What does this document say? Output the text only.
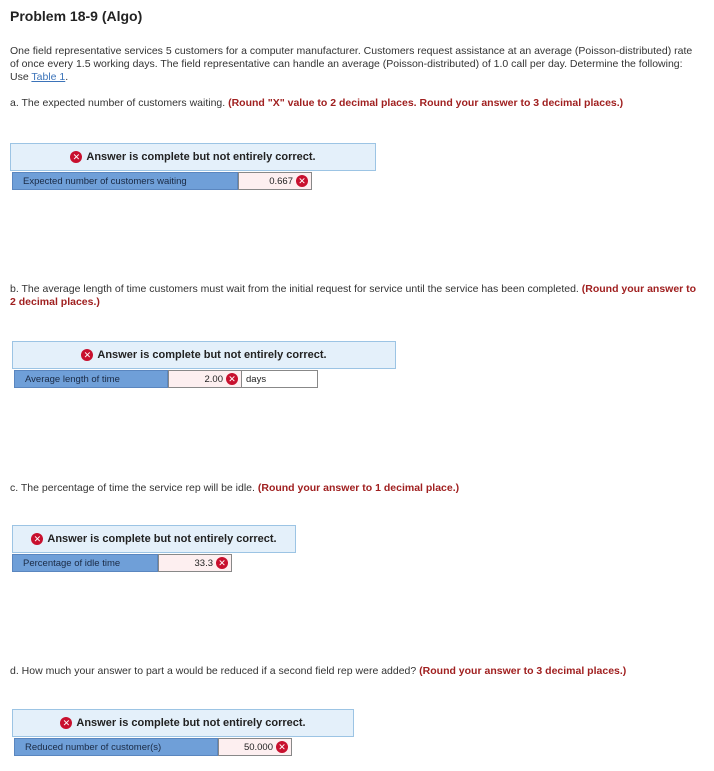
Problem 18-9 (Algo)
One field representative services 5 customers for a computer manufacturer. Customers request assistance at an average (Poisson-distributed) rate of once every 1.5 working days. The field representative can handle an average (Poisson-distributed) of 1.0 call per day. Determine the following: Use Table 1.
a. The expected number of customers waiting. (Round "X" value to 2 decimal places. Round your answer to 3 decimal places.)
✕ Answer is complete but not entirely correct.
Expected number of customers waiting	0.667 ✕
b. The average length of time customers must wait from the initial request for service until the service has been completed. (Round your answer to 2 decimal places.)
✕ Answer is complete but not entirely correct.
Average length of time	2.00 ✕	days
c. The percentage of time the service rep will be idle. (Round your answer to 1 decimal place.)
✕ Answer is complete but not entirely correct.
Percentage of idle time	33.3 ✕
d. How much your answer to part a would be reduced if a second field rep were added? (Round your answer to 3 decimal places.)
✕ Answer is complete but not entirely correct.
Reduced number of customer(s)	50.000 ✕
